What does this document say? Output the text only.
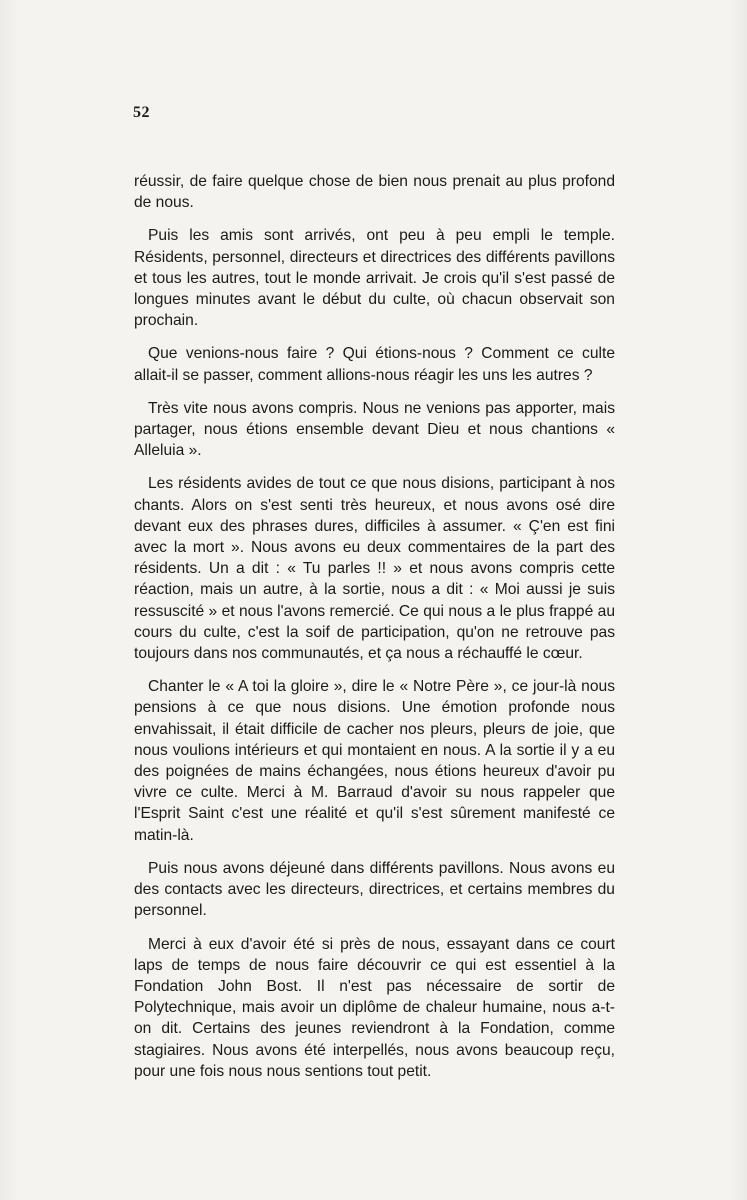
52

réussir, de faire quelque chose de bien nous prenait au plus profond de nous.

Puis les amis sont arrivés, ont peu à peu empli le temple. Résidents, personnel, directeurs et directrices des différents pavillons et tous les autres, tout le monde arrivait. Je crois qu'il s'est passé de longues minutes avant le début du culte, où chacun observait son prochain.

Que venions-nous faire ? Qui étions-nous ? Comment ce culte allait-il se passer, comment allions-nous réagir les uns les autres ?

Très vite nous avons compris. Nous ne venions pas apporter, mais partager, nous étions ensemble devant Dieu et nous chantions « Alleluia ».

Les résidents avides de tout ce que nous disions, participant à nos chants. Alors on s'est senti très heureux, et nous avons osé dire devant eux des phrases dures, difficiles à assumer. « Ç'en est fini avec la mort ». Nous avons eu deux commentaires de la part des résidents. Un a dit : « Tu parles !! » et nous avons compris cette réaction, mais un autre, à la sortie, nous a dit : « Moi aussi je suis ressuscité » et nous l'avons remercié. Ce qui nous a le plus frappé au cours du culte, c'est la soif de participation, qu'on ne retrouve pas toujours dans nos communautés, et ça nous a réchauffé le cœur.

Chanter le « A toi la gloire », dire le « Notre Père », ce jour-là nous pensions à ce que nous disions. Une émotion profonde nous envahissait, il était difficile de cacher nos pleurs, pleurs de joie, que nous voulions intérieurs et qui montaient en nous. A la sortie il y a eu des poignées de mains échangées, nous étions heureux d'avoir pu vivre ce culte. Merci à M. Barraud d'avoir su nous rappeler que l'Esprit Saint c'est une réalité et qu'il s'est sûrement manifesté ce matin-là.

Puis nous avons déjeuné dans différents pavillons. Nous avons eu des contacts avec les directeurs, directrices, et certains membres du personnel.

Merci à eux d'avoir été si près de nous, essayant dans ce court laps de temps de nous faire découvrir ce qui est essentiel à la Fondation John Bost. Il n'est pas nécessaire de sortir de Polytechnique, mais avoir un diplôme de chaleur humaine, nous a-t-on dit. Certains des jeunes reviendront à la Fondation, comme stagiaires. Nous avons été interpellés, nous avons beaucoup reçu, pour une fois nous nous sentions tout petit.
